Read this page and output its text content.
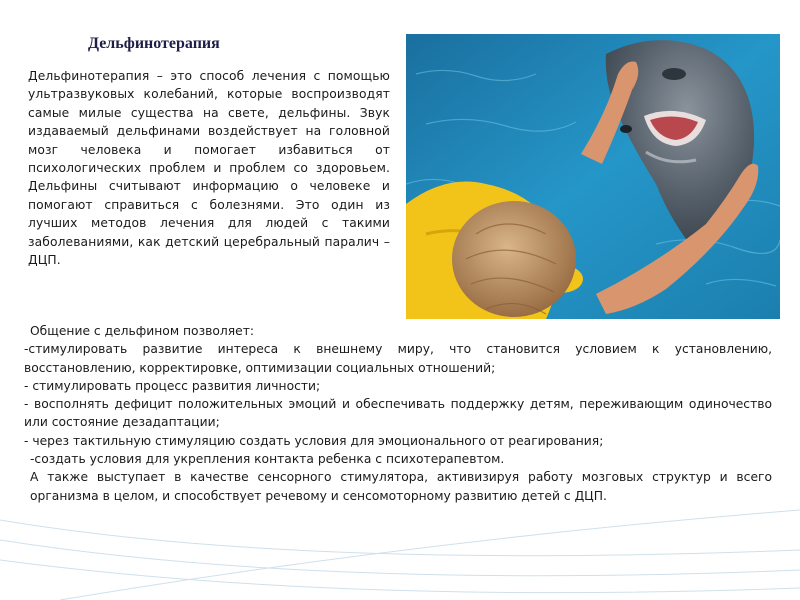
Дельфинотерапия
Дельфинотерапия – это способ лечения с помощью ультразвуковых колебаний, которые воспроизводят самые милые существа на свете, дельфины. Звук издаваемый дельфинами воздействует на головной мозг человека и помогает избавиться от психологических проблем и проблем со здоровьем. Дельфины считывают информацию о человеке и помогают справиться с болезнями. Это один из лучших методов лечения для людей с такими заболеваниями, как детский церебральный паралич – ДЦП.
Общение с дельфином позволяет:
-стимулировать развитие интереса к внешнему миру, что становится условием к установлению, восстановлению, корректировке, оптимизации социальных отношений;
- стимулировать процесс развития личности;
- восполнять дефицит положительных эмоций и обеспечивать поддержку детям, переживающим одиночество или состояние дезадаптации;
- через тактильную стимуляцию создать условия для эмоционального от реагирования;
-создать условия для укрепления контакта ребенка с психотерапевтом.
А также выступает в качестве сенсорного стимулятора, активизируя работу мозговых структур и всего организма в целом, и способствует речевому и сенсомоторному развитию детей с ДЦП.
